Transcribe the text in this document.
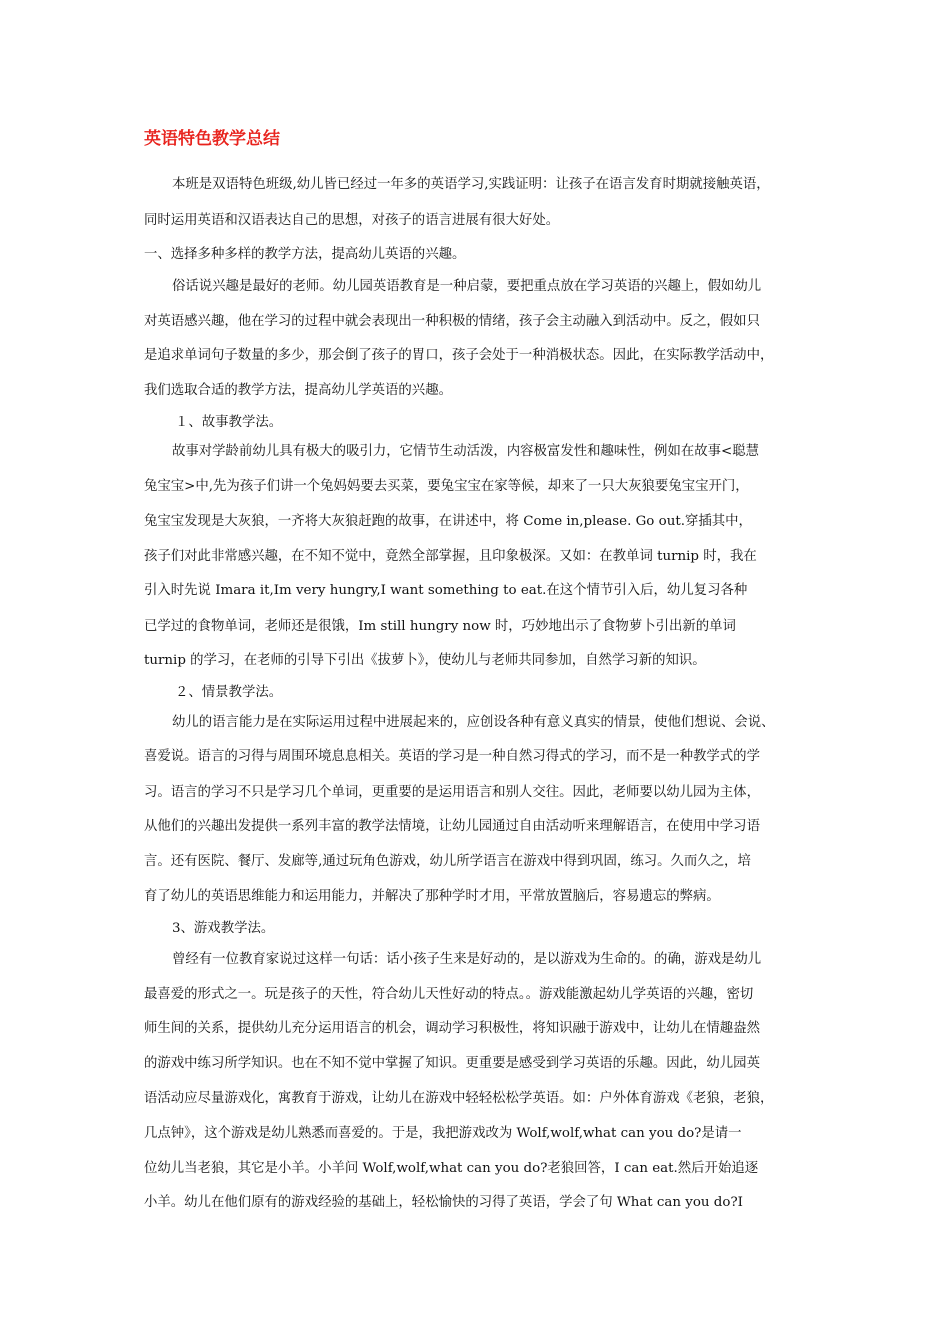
英语特色教学总结
本班是双语特色班级,幼儿皆已经过一年多的英语学习,实践证明：让孩子在语言发育时期就接触英语，
同时运用英语和汉语表达自己的思想，对孩子的语言进展有很大好处。
一、选择多种多样的教学方法，提高幼儿英语的兴趣。
俗话说兴趣是最好的老师。幼儿园英语教育是一种启蒙，要把重点放在学习英语的兴趣上，假如幼儿
对英语感兴趣，他在学习的过程中就会表现出一种积极的情绪，孩子会主动融入到活动中。反之，假如只
是追求单词句子数量的多少，那会倒了孩子的胃口，孩子会处于一种消极状态。因此，在实际教学活动中，
我们选取合适的教学方法，提高幼儿学英语的兴趣。
１、故事教学法。
故事对学龄前幼儿具有极大的吸引力，它情节生动活泼，内容极富发性和趣味性，例如在故事<聪慧
兔宝宝>中,先为孩子们讲一个兔妈妈要去买菜，要兔宝宝在家等候，却来了一只大灰狼要兔宝宝开门，
兔宝宝发现是大灰狼，一齐将大灰狼赶跑的故事，在讲述中，将 Come in,please. Go out.穿插其中，
孩子们对此非常感兴趣，在不知不觉中，竟然全部掌握，且印象极深。又如：在教单词 turnip 时，我在
引入时先说 Imara it,Im very hungry,I want something to eat.在这个情节引入后，幼儿复习各种
已学过的食物单词，老师还是很饿，Im still hungry now 时，巧妙地出示了食物萝卜引出新的单词
turnip 的学习，在老师的引导下引出《拔萝卜》，使幼儿与老师共同参加，自然学习新的知识。
２、情景教学法。
幼儿的语言能力是在实际运用过程中进展起来的，应创设各种有意义真实的情景，使他们想说、会说、
喜爱说。语言的习得与周围环境息息相关。英语的学习是一种自然习得式的学习，而不是一种教学式的学
习。语言的学习不只是学习几个单词，更重要的是运用语言和别人交往。因此，老师要以幼儿园为主体，
从他们的兴趣出发提供一系列丰富的教学法情境，让幼儿园通过自由活动听来理解语言，在使用中学习语
言。还有医院、餐厅、发廊等,通过玩角色游戏，幼儿所学语言在游戏中得到巩固，练习。久而久之，培
育了幼儿的英语思维能力和运用能力，并解决了那种学时才用，平常放置脑后，容易遗忘的弊病。
3、游戏教学法。
曾经有一位教育家说过这样一句话：话小孩子生来是好动的，是以游戏为生命的。的确，游戏是幼儿
最喜爱的形式之一。玩是孩子的天性，符合幼儿天性好动的特点。。游戏能激起幼儿学英语的兴趣，密切
师生间的关系，提供幼儿充分运用语言的机会，调动学习积极性，将知识融于游戏中，让幼儿在情趣盎然
的游戏中练习所学知识。也在不知不觉中掌握了知识。更重要是感受到学习英语的乐趣。因此，幼儿园英
语活动应尽量游戏化，寓教育于游戏，让幼儿在游戏中轻轻松松学英语。如：户外体育游戏《老狼，老狼，
几点钟》，这个游戏是幼儿熟悉而喜爱的。于是，我把游戏改为 Wolf,wolf,what can you do?是请一
位幼儿当老狼，其它是小羊。小羊问 Wolf,wolf,what can you do?老狼回答，I can eat.然后开始追逐
小羊。幼儿在他们原有的游戏经验的基础上，轻松愉快的习得了英语，学会了句 What can you do?I
